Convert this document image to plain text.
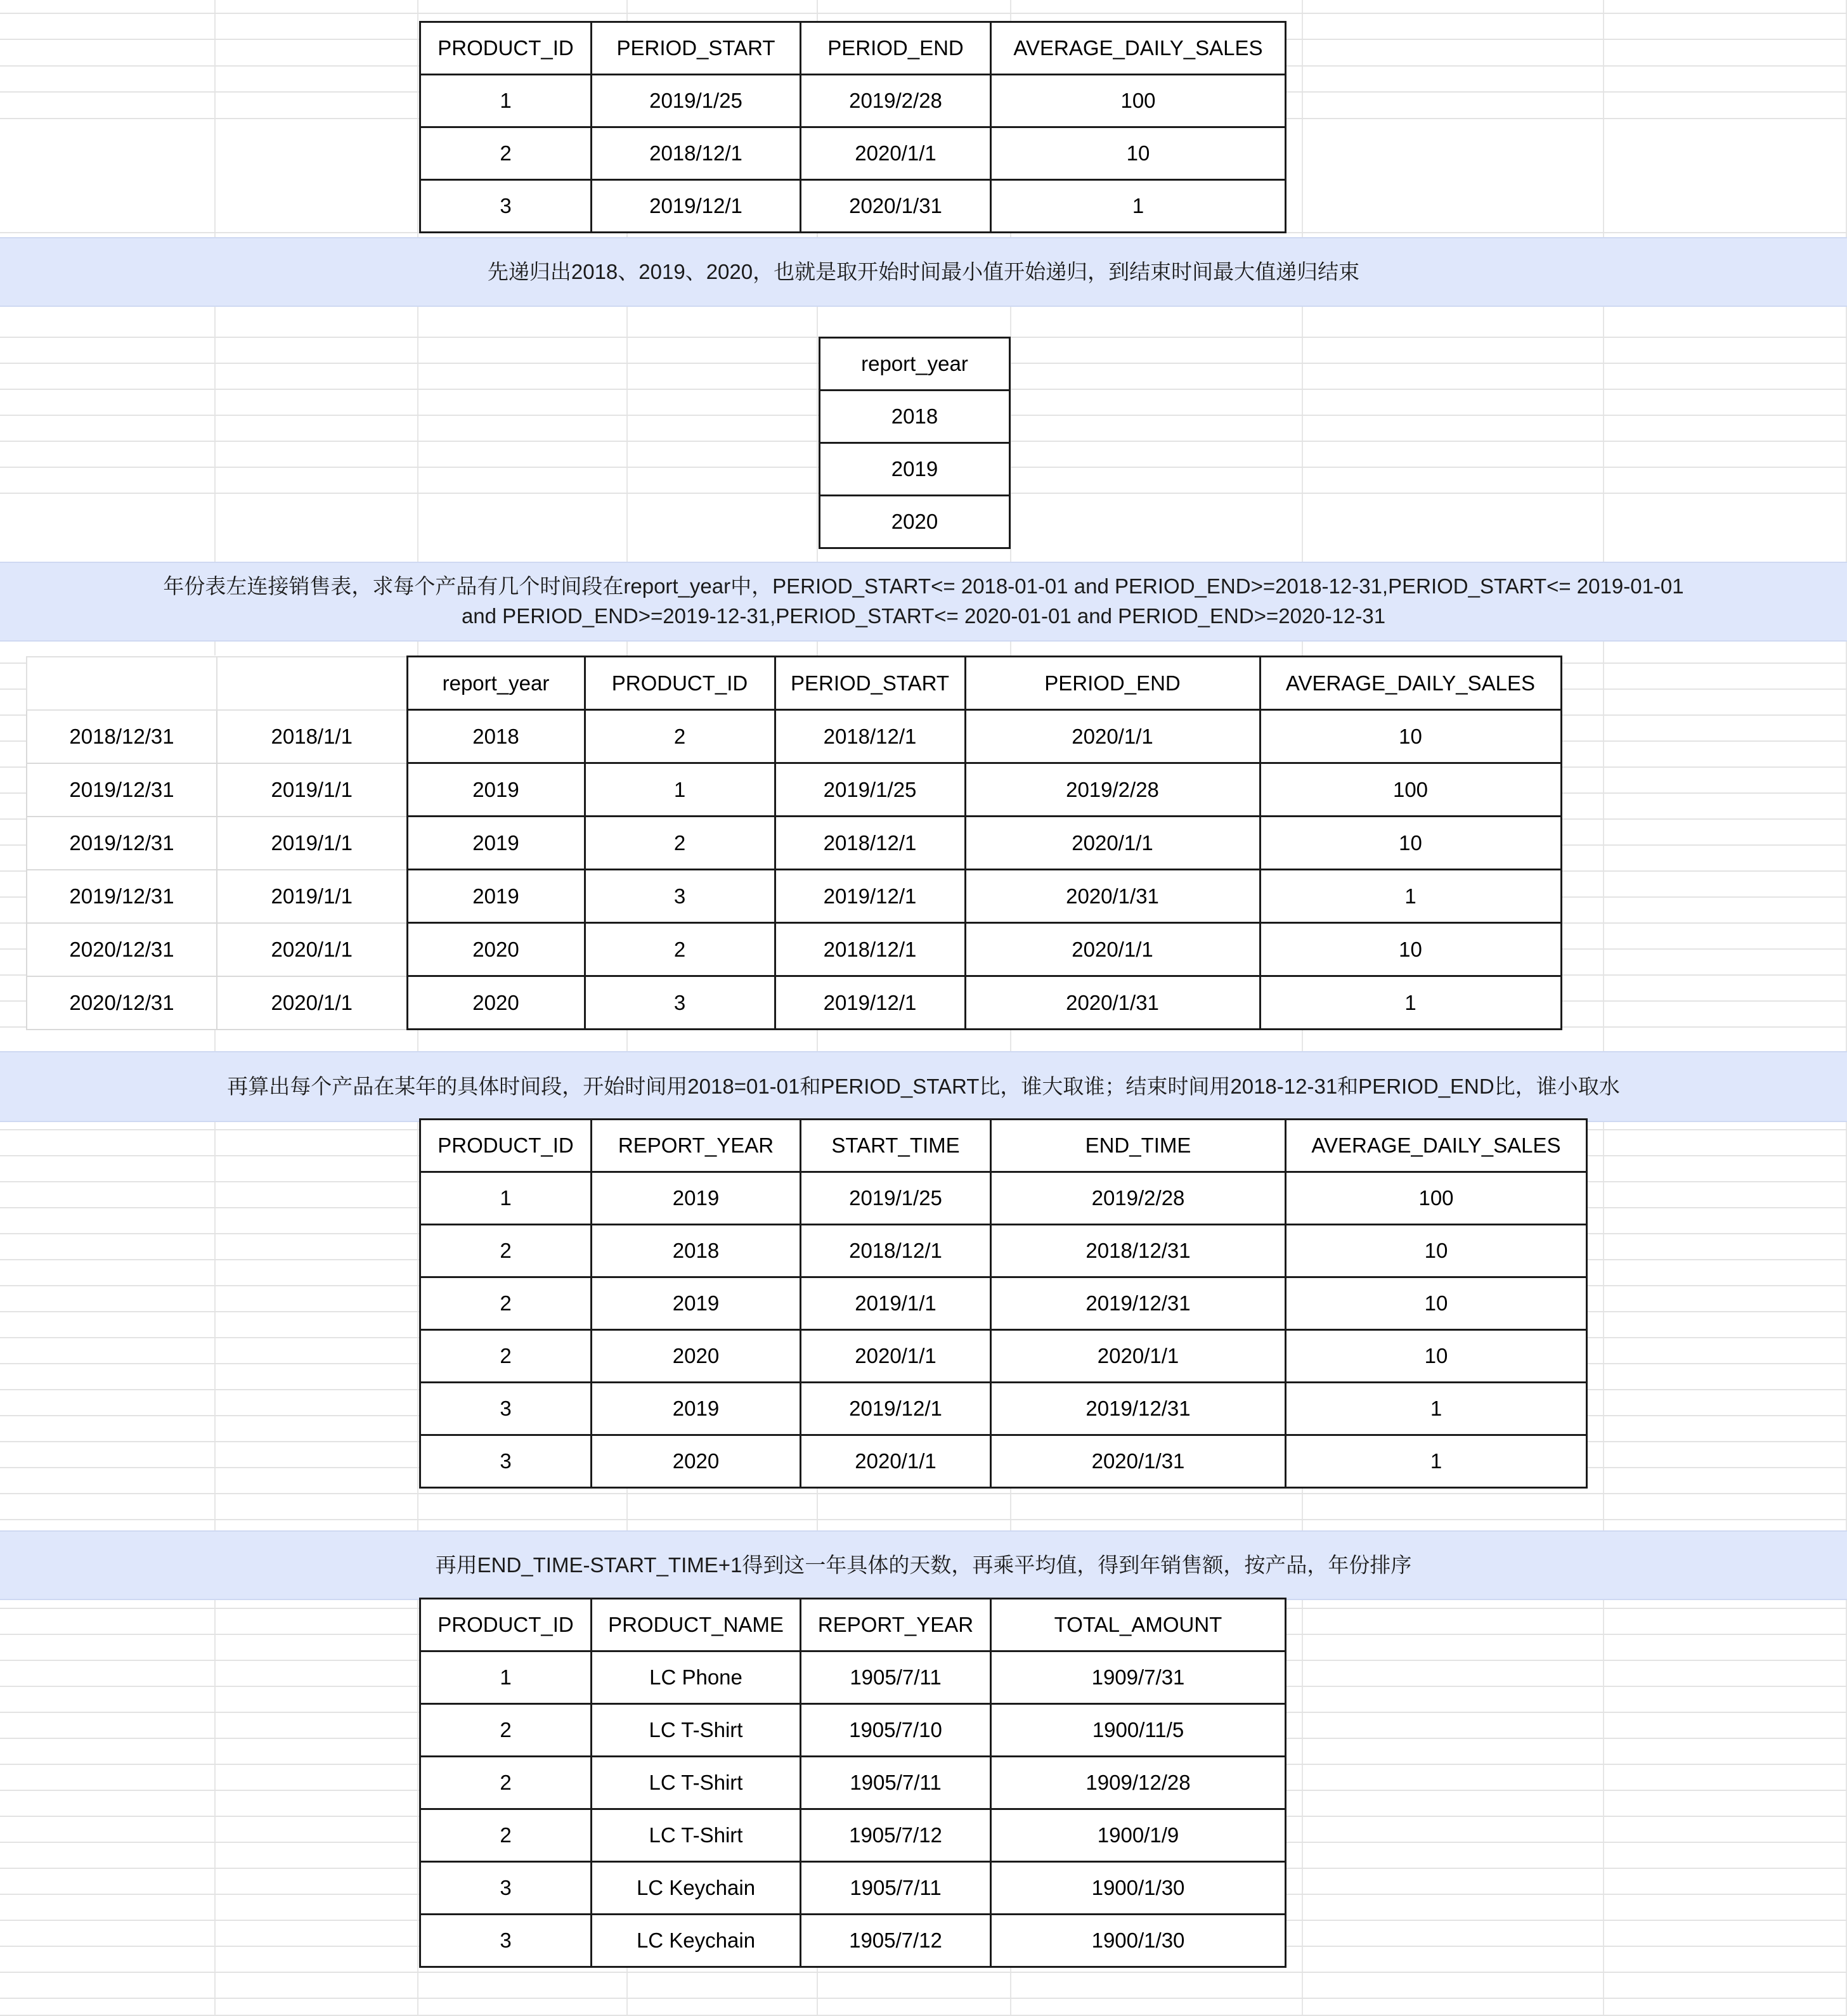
先递归出2018、2019、2020，也就是取开始时间最小值开始递归，到结束时间最大值递归结束
年份表左连接销售表，求每个产品有几个时间段在report_year中，PERIOD_START<= 2018-01-01 and PERIOD_END>=2018-12-31,PERIOD_START<= 2019-01-01
and PERIOD_END>=2019-12-31,PERIOD_START<= 2020-01-01 and PERIOD_END>=2020-12-31
再算出每个产品在某年的具体时间段，开始时间用2018=01-01和PERIOD_START比，谁大取谁；结束时间用2018-12-31和PERIOD_END比，谁小取水
再用END_TIME-START_TIME+1得到这一年具体的天数，再乘平均值，得到年销售额，按产品，年份排序
PRODUCT_ID	PERIOD_START	PERIOD_END	AVERAGE_DAILY_SALES
1	2019/1/25	2019/2/28	100
2	2018/12/1	2020/1/1	10
3	2019/12/1	2020/1/31	1
report_year
2018
2019
2020
		report_year	PRODUCT_ID	PERIOD_START	PERIOD_END	AVERAGE_DAILY_SALES
2018/12/31	2018/1/1	2018	2	2018/12/1	2020/1/1	10
2019/12/31	2019/1/1	2019	1	2019/1/25	2019/2/28	100
2019/12/31	2019/1/1	2019	2	2018/12/1	2020/1/1	10
2019/12/31	2019/1/1	2019	3	2019/12/1	2020/1/31	1
2020/12/31	2020/1/1	2020	2	2018/12/1	2020/1/1	10
2020/12/31	2020/1/1	2020	3	2019/12/1	2020/1/31	1
PRODUCT_ID	REPORT_YEAR	START_TIME	END_TIME	AVERAGE_DAILY_SALES
1	2019	2019/1/25	2019/2/28	100
2	2018	2018/12/1	2018/12/31	10
2	2019	2019/1/1	2019/12/31	10
2	2020	2020/1/1	2020/1/1	10
3	2019	2019/12/1	2019/12/31	1
3	2020	2020/1/1	2020/1/31	1
PRODUCT_ID	PRODUCT_NAME	REPORT_YEAR	TOTAL_AMOUNT
1	LC Phone	1905/7/11	1909/7/31
2	LC T-Shirt	1905/7/10	1900/11/5
2	LC T-Shirt	1905/7/11	1909/12/28
2	LC T-Shirt	1905/7/12	1900/1/9
3	LC Keychain	1905/7/11	1900/1/30
3	LC Keychain	1905/7/12	1900/1/30
